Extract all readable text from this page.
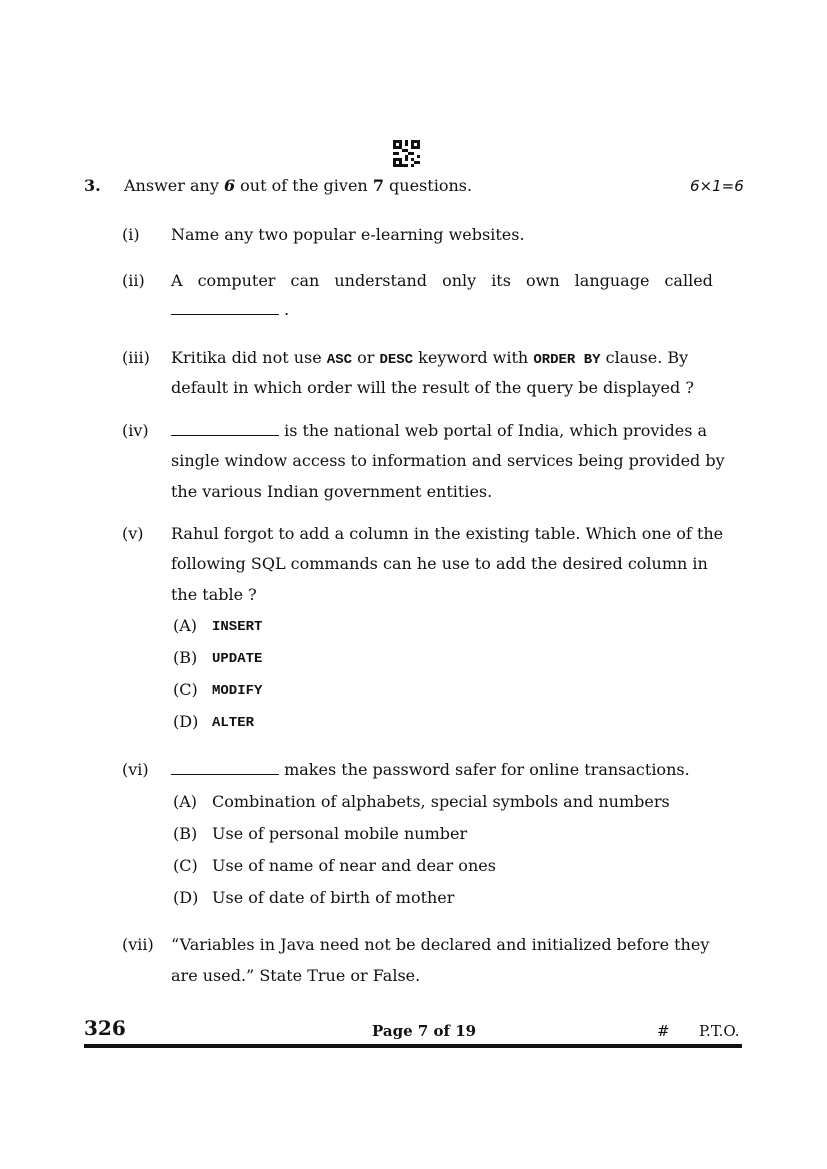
3. Answer any 6 out of the given 7 questions.	6×1=6
(i) Name any two popular e-learning websites.
(ii) A computer can understand only its own language called
.
(iii) Kritika did not use ASC or DESC keyword with ORDER BY clause. By
default in which order will the result of the query be displayed ?
(iv)	is the national web portal of India, which provides a
single window access to information and services being provided by
the various Indian government entities.
(v) Rahul forgot to add a column in the existing table. Which one of the
following SQL commands can he use to add the desired column in
the table ?
(A) INSERT
(B) UPDATE
(C) MODIFY
(D) ALTER
(vi)	makes the password safer for online transactions.
(A) Combination of alphabets, special symbols and numbers
(B) Use of personal mobile number
(C) Use of name of near and dear ones
(D) Use of date of birth of mother
(vii) “Variables in Java need not be declared and initialized before they
are used.” State True or False.
326	Page 7 of 19	# P.T.O.
